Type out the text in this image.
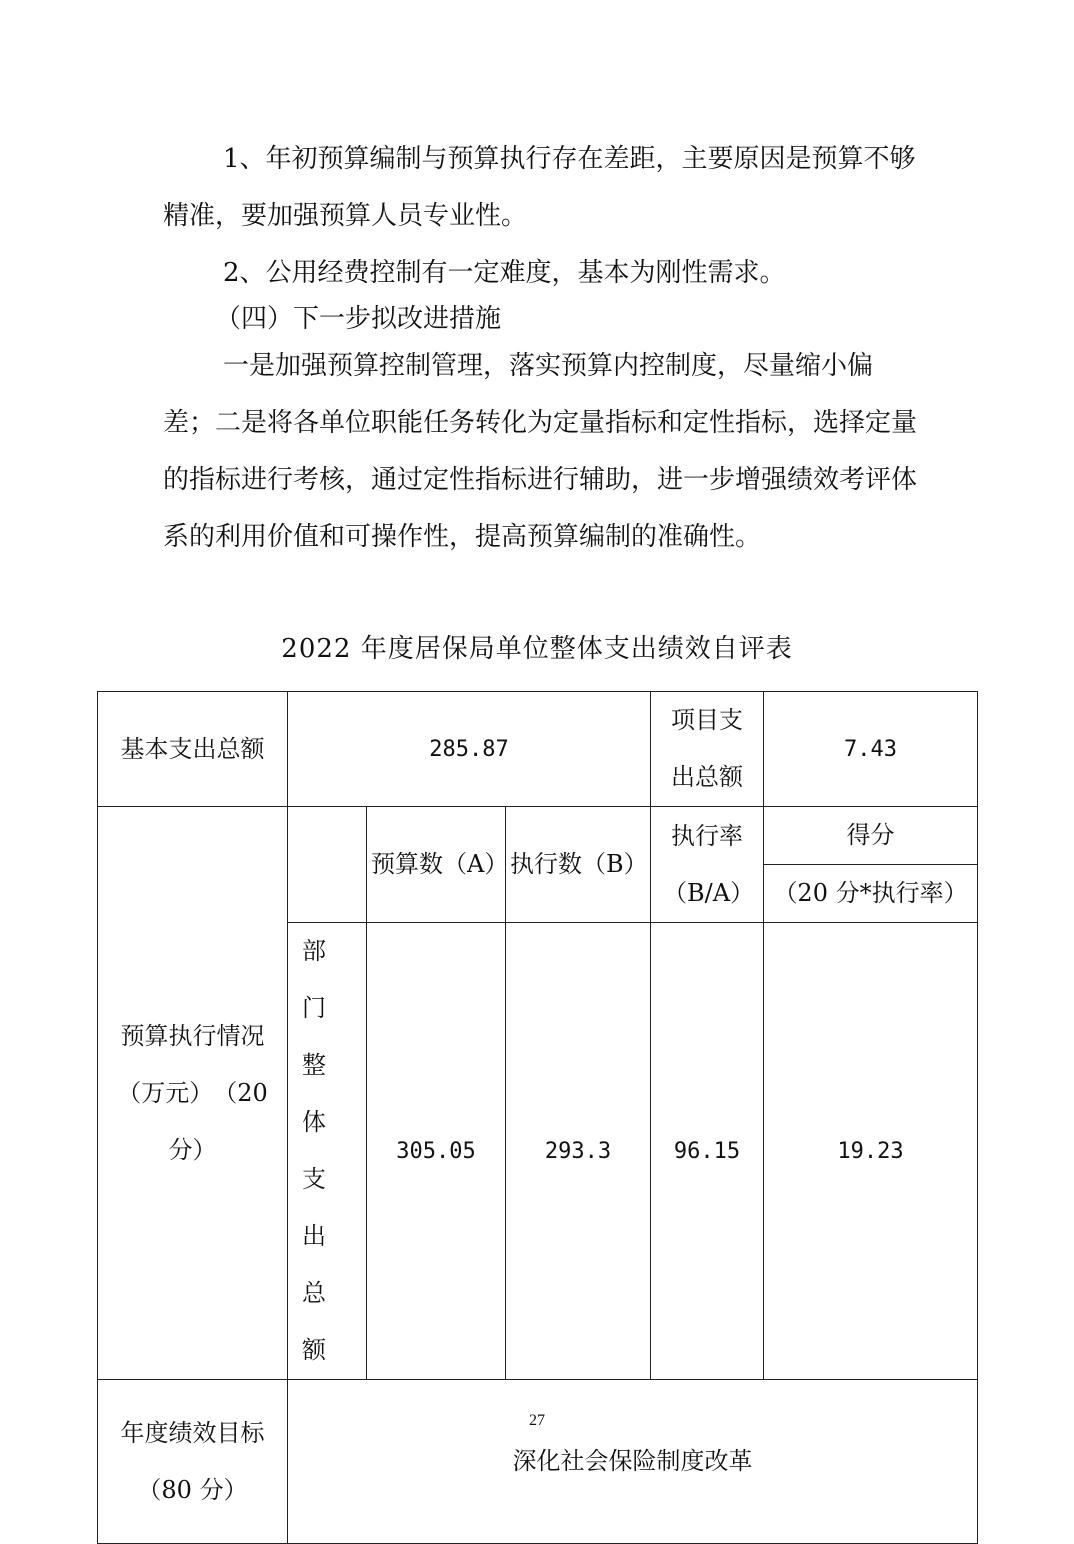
1、年初预算编制与预算执行存在差距，主要原因是预算不够精准，要加强预算人员专业性。
2、公用经费控制有一定难度，基本为刚性需求。
（四）下一步拟改进措施
一是加强预算控制管理，落实预算内控制度，尽量缩小偏差；二是将各单位职能任务转化为定量指标和定性指标，选择定量的指标进行考核，通过定性指标进行辅助，进一步增强绩效考评体系的利用价值和可操作性，提高预算编制的准确性。
2022 年度居保局单位整体支出绩效自评表
基本支出总额	285.87			项目支出总额	7.43
预算执行情况（万元）　（20 分）		预算数（A）	执行数（B）	执行率（B/A）	得分
					（20 分*执行率）
	部门整体支出总额	305.05	293.3	96.15	19.23
年度绩效目标（80 分）	深化社会保险制度改革				
27
